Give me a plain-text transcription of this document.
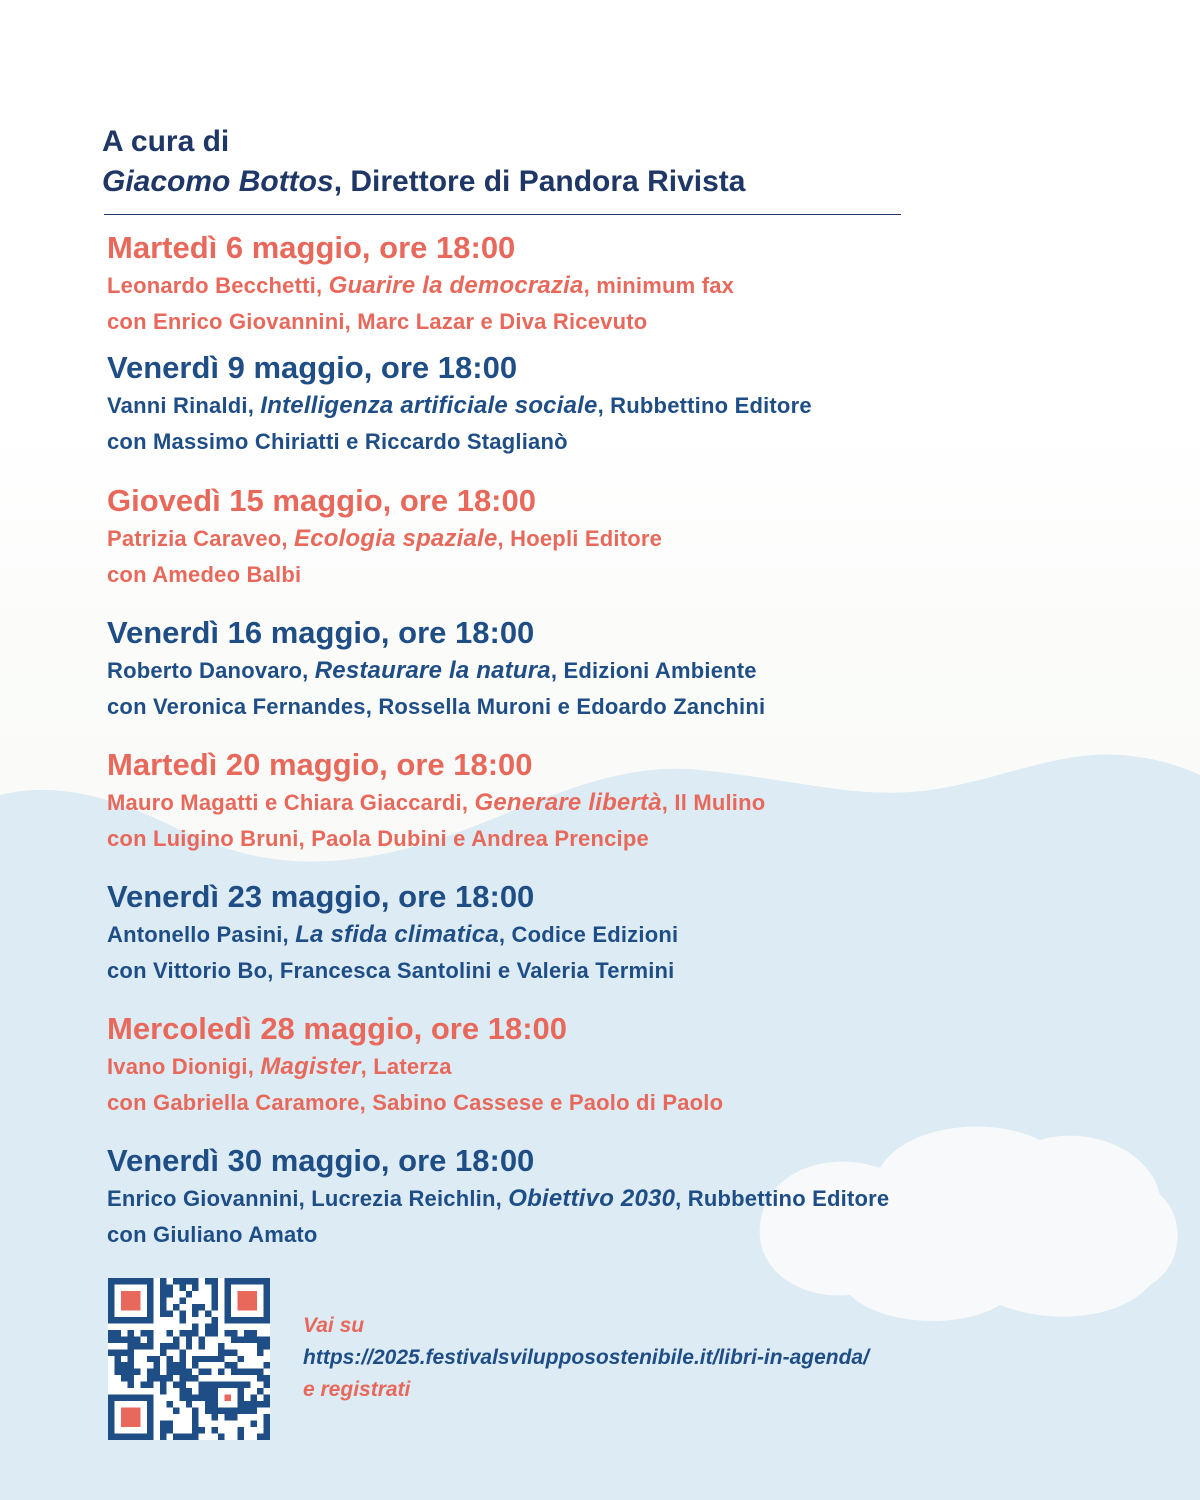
A cura di
Giacomo Bottos, Direttore di Pandora Rivista
Martedì 6 maggio, ore 18:00
Leonardo Becchetti, Guarire la democrazia, minimum fax
con Enrico Giovannini, Marc Lazar e Diva Ricevuto
Venerdì 9 maggio, ore 18:00
Vanni Rinaldi, Intelligenza artificiale sociale, Rubbettino Editore
con Massimo Chiriatti e Riccardo Staglianò
Giovedì 15 maggio, ore 18:00
Patrizia Caraveo, Ecologia spaziale, Hoepli Editore
con Amedeo Balbi
Venerdì 16 maggio, ore 18:00
Roberto Danovaro, Restaurare la natura, Edizioni Ambiente
con Veronica Fernandes, Rossella Muroni e Edoardo Zanchini
Martedì 20 maggio, ore 18:00
Mauro Magatti e Chiara Giaccardi, Generare libertà, Il Mulino
con Luigino Bruni, Paola Dubini e Andrea Prencipe
Venerdì 23 maggio, ore 18:00
Antonello Pasini, La sfida climatica, Codice Edizioni
con Vittorio Bo, Francesca Santolini e Valeria Termini
Mercoledì 28 maggio, ore 18:00
Ivano Dionigi, Magister, Laterza
con Gabriella Caramore, Sabino Cassese e Paolo di Paolo
Venerdì 30 maggio, ore 18:00
Enrico Giovannini, Lucrezia Reichlin, Obiettivo 2030, Rubbettino Editore
con Giuliano Amato
Vai su
https://2025.festivalsvilupposostenibile.it/libri-in-agenda/
e registrati
